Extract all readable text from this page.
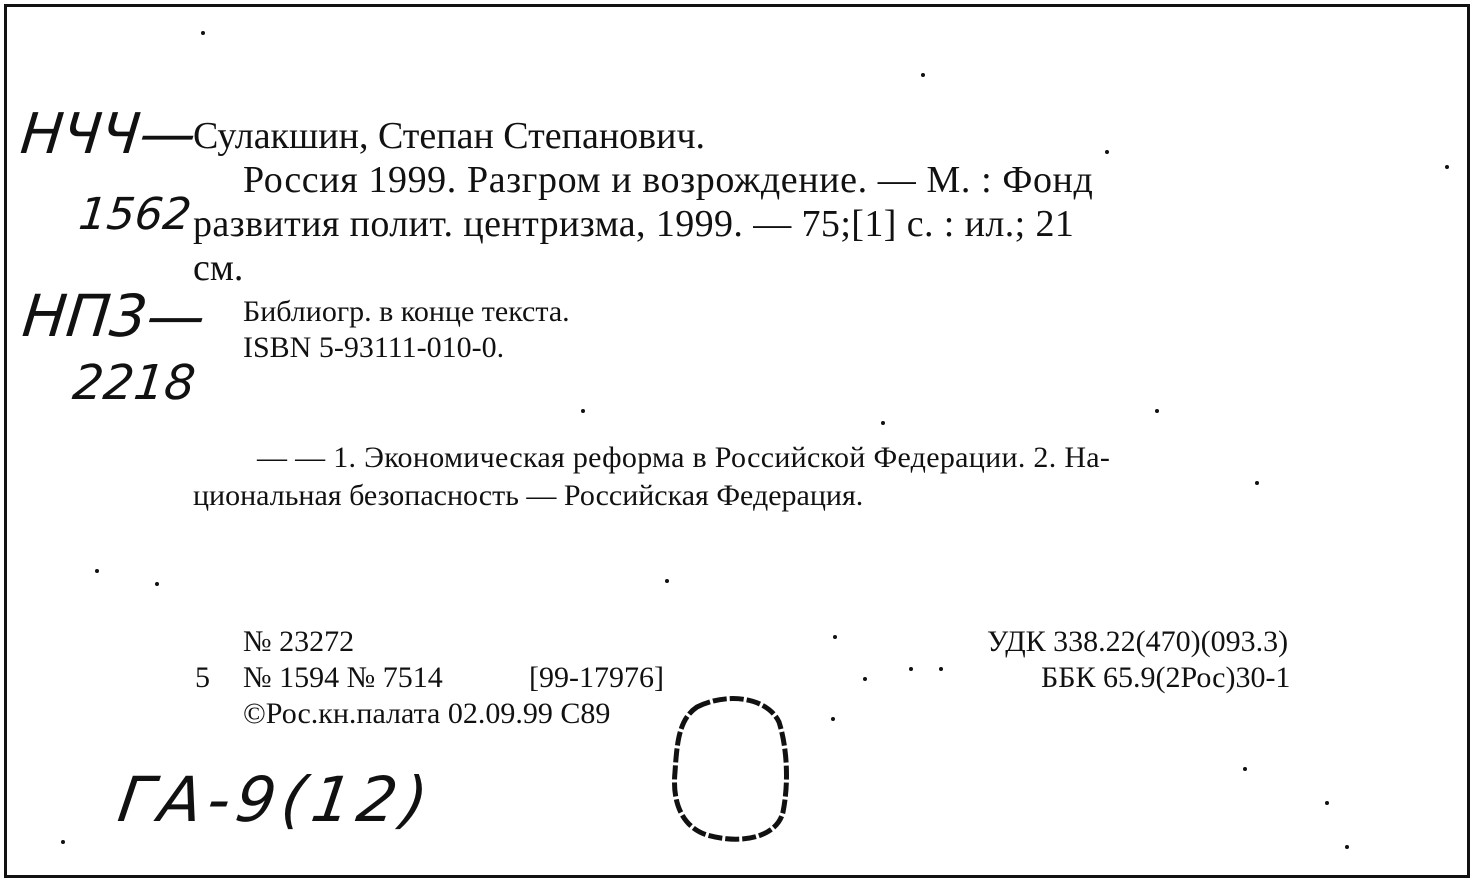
НЧЧ—
1562
НП3—
2218
Сулакшин, Степан Степанович.
Россия 1999. Разгром и возрождение. — М. : Фонд
развития полит. центризма, 1999. — 75;[1] с. : ил.; 21
см.
Библиогр. в конце текста.
ISBN 5-93111-010-0.
— — 1. Экономическая реформа в Российской Федерации. 2. На-
циональная безопасность — Российская Федерация.
№ 23272
5 № 1594 № 7514	[99-17976]
©Рос.кн.палата 02.09.99 С89
УДК 338.22(470)(093.3)
ББК 65.9(2Рос)30-1
ГА-9(12)
